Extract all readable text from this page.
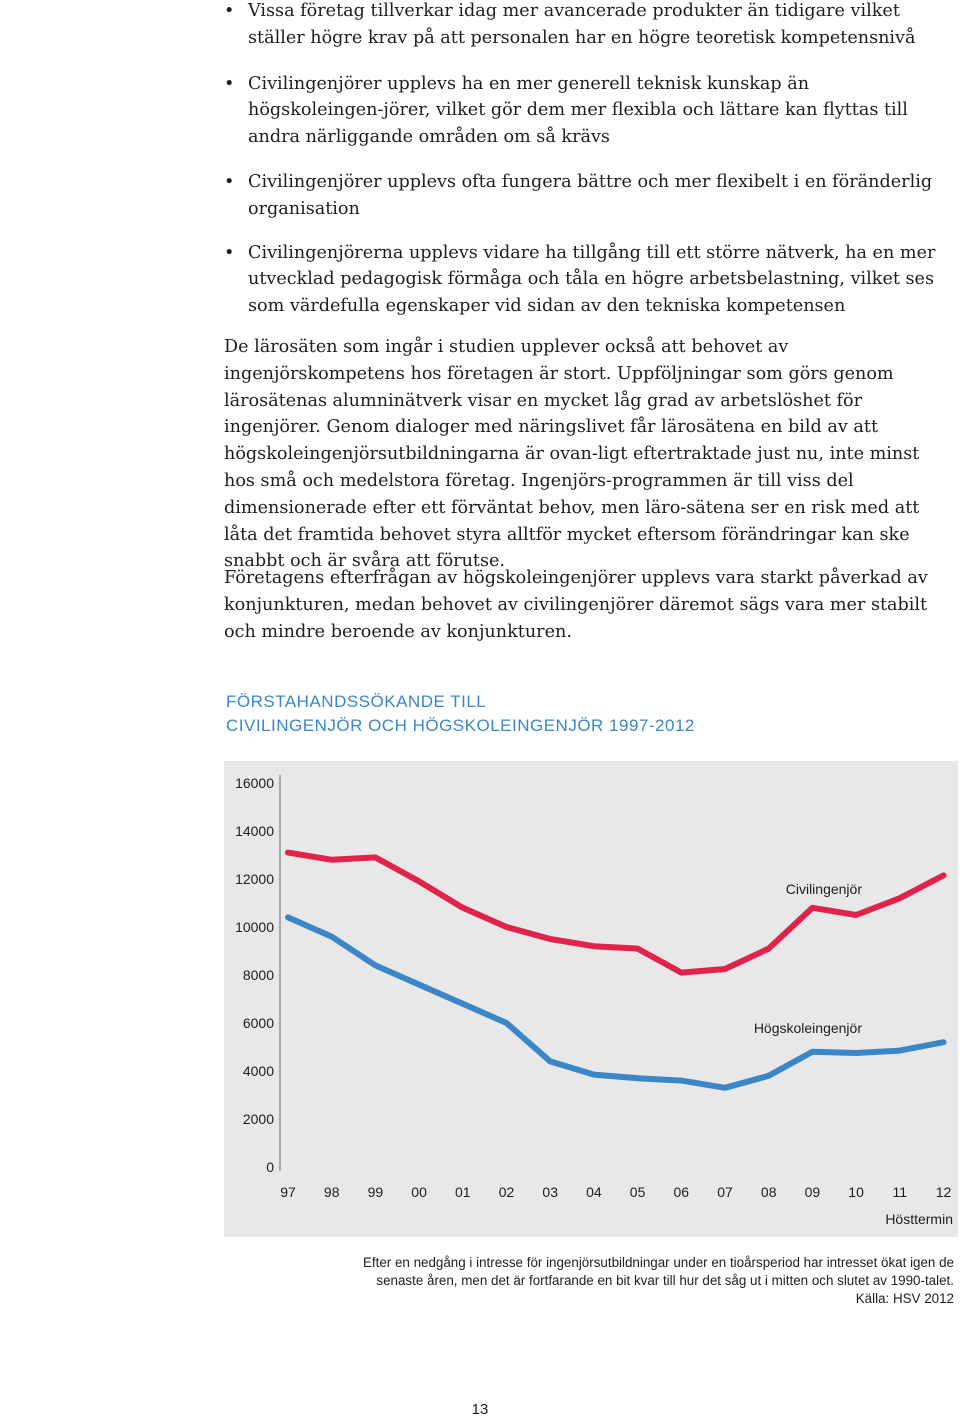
• Vissa företag tillverkar idag mer avancerade produkter än tidigare vilket ställer högre krav på att personalen har en högre teoretisk kompetensnivå
• Civilingenjörer upplevs ha en mer generell teknisk kunskap än högskoleingen-jörer, vilket gör dem mer flexibla och lättare kan flyttas till andra närliggande områden om så krävs
• Civilingenjörer upplevs ofta fungera bättre och mer flexibelt i en föränderlig organisation
• Civilingenjörerna upplevs vidare ha tillgång till ett större nätverk, ha en mer utvecklad pedagogisk förmåga och tåla en högre arbetsbelastning, vilket ses som värdefulla egenskaper vid sidan av den tekniska kompetensen

De lärosäten som ingår i studien upplever också att behovet av ingenjörskompetens hos företagen är stort. Uppföljningar som görs genom lärosätenas alumninätverk visar en mycket låg grad av arbetslöshet för ingenjörer. Genom dialoger med näringslivet får lärosätena en bild av att högskoleingenjörsutbildningarna är ovan-ligt eftertraktade just nu, inte minst hos små och medelstora företag. Ingenjörs-programmen är till viss del dimensionerade efter ett förväntat behov, men läro-sätena ser en risk med att låta det framtida behovet styra alltför mycket eftersom förändringar kan ske snabbt och är svåra att förutse.

Företagens efterfrågan av högskoleingenjörer upplevs vara starkt påverkad av konjunkturen, medan behovet av civilingenjörer däremot sägs vara mer stabilt och mindre beroende av konjunkturen.

FÖRSTAHANDSSÖKANDE TILL
CIVILINGENJÖR OCH HÖGSKOLEINGENJÖR 1997-2012
0
2000
4000
6000
8000
10000
12000
14000
16000
97 98 99 00 01 02 03 04 05 06 07 08 09 10 11 12
Hösttermin
Civilingenjör
Högskoleingenjör
Efter en nedgång i intresse för ingenjörsutbildningar under en tioårsperiod har intresset ökat igen de
senaste åren, men det är fortfarande en bit kvar till hur det såg ut i mitten och slutet av 1990-talet.
Källa: HSV 2012
13
